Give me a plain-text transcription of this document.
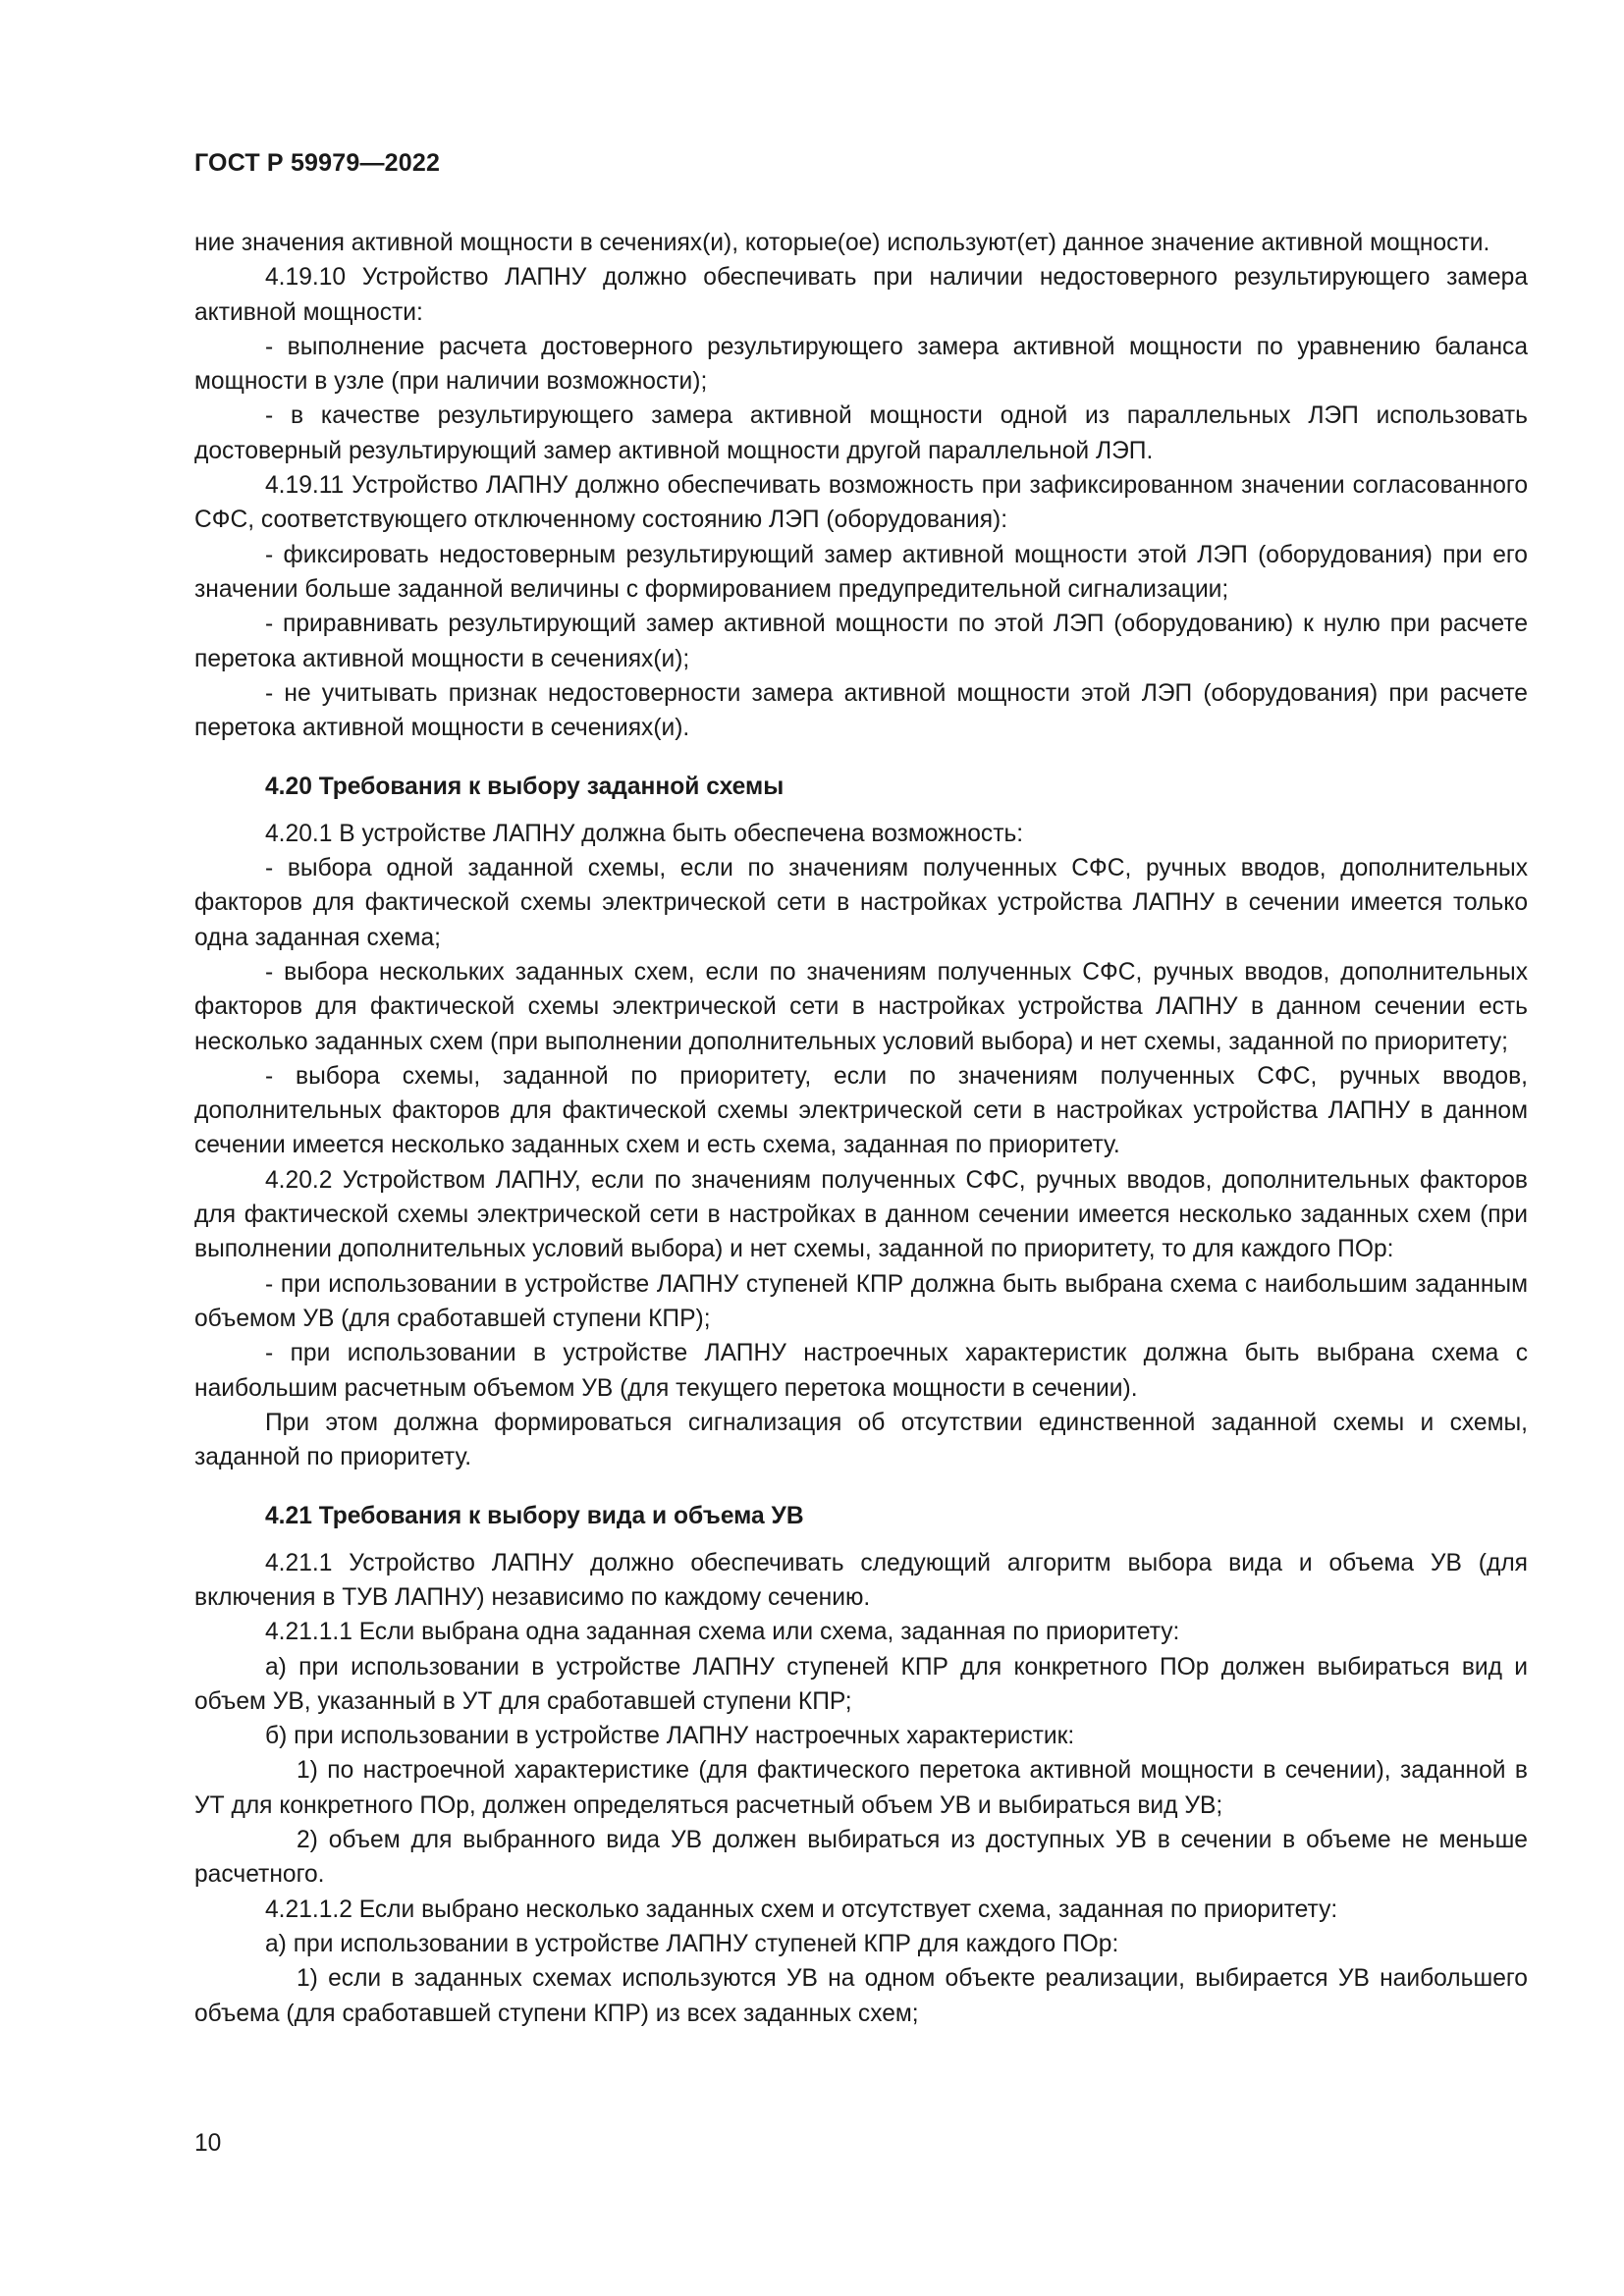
ГОСТ Р 59979—2022

ние значения активной мощности в сечениях(и), которые(ое) используют(ет) данное значение активной мощности.

4.19.10 Устройство ЛАПНУ должно обеспечивать при наличии недостоверного результирующего замера активной мощности:

- выполнение расчета достоверного результирующего замера активной мощности по уравнению баланса мощности в узле (при наличии возможности);

- в качестве результирующего замера активной мощности одной из параллельных ЛЭП использовать достоверный результирующий замер активной мощности другой параллельной ЛЭП.

4.19.11 Устройство ЛАПНУ должно обеспечивать возможность при зафиксированном значении согласованного СФС, соответствующего отключенному состоянию ЛЭП (оборудования):

- фиксировать недостоверным результирующий замер активной мощности этой ЛЭП (оборудования) при его значении больше заданной величины с формированием предупредительной сигнализации;

- приравнивать результирующий замер активной мощности по этой ЛЭП (оборудованию) к нулю при расчете перетока активной мощности в сечениях(и);

- не учитывать признак недостоверности замера активной мощности этой ЛЭП (оборудования) при расчете перетока активной мощности в сечениях(и).

4.20 Требования к выбору заданной схемы

4.20.1 В устройстве ЛАПНУ должна быть обеспечена возможность:

- выбора одной заданной схемы, если по значениям полученных СФС, ручных вводов, дополнительных факторов для фактической схемы электрической сети в настройках устройства ЛАПНУ в сечении имеется только одна заданная схема;

- выбора нескольких заданных схем, если по значениям полученных СФС, ручных вводов, дополнительных факторов для фактической схемы электрической сети в настройках устройства ЛАПНУ в данном сечении есть несколько заданных схем (при выполнении дополнительных условий выбора) и нет схемы, заданной по приоритету;

- выбора схемы, заданной по приоритету, если по значениям полученных СФС, ручных вводов, дополнительных факторов для фактической схемы электрической сети в настройках устройства ЛАПНУ в данном сечении имеется несколько заданных схем и есть схема, заданная по приоритету.

4.20.2 Устройством ЛАПНУ, если по значениям полученных СФС, ручных вводов, дополнительных факторов для фактической схемы электрической сети в настройках в данном сечении имеется несколько заданных схем (при выполнении дополнительных условий выбора) и нет схемы, заданной по приоритету, то для каждого ПОр:

- при использовании в устройстве ЛАПНУ ступеней КПР должна быть выбрана схема с наибольшим заданным объемом УВ (для сработавшей ступени КПР);

- при использовании в устройстве ЛАПНУ настроечных характеристик должна быть выбрана схема с наибольшим расчетным объемом УВ (для текущего перетока мощности в сечении).

При этом должна формироваться сигнализация об отсутствии единственной заданной схемы и схемы, заданной по приоритету.

4.21 Требования к выбору вида и объема УВ

4.21.1 Устройство ЛАПНУ должно обеспечивать следующий алгоритм выбора вида и объема УВ (для включения в ТУВ ЛАПНУ) независимо по каждому сечению.

4.21.1.1 Если выбрана одна заданная схема или схема, заданная по приоритету:

а) при использовании в устройстве ЛАПНУ ступеней КПР для конкретного ПОр должен выбираться вид и объем УВ, указанный в УТ для сработавшей ступени КПР;

б) при использовании в устройстве ЛАПНУ настроечных характеристик:

1) по настроечной характеристике (для фактического перетока активной мощности в сечении), заданной в УТ для конкретного ПОр, должен определяться расчетный объем УВ и выбираться вид УВ;

2) объем для выбранного вида УВ должен выбираться из доступных УВ в сечении в объеме не меньше расчетного.

4.21.1.2 Если выбрано несколько заданных схем и отсутствует схема, заданная по приоритету:

а) при использовании в устройстве ЛАПНУ ступеней КПР для каждого ПОр:

1) если в заданных схемах используются УВ на одном объекте реализации, выбирается УВ наибольшего объема (для сработавшей ступени КПР) из всех заданных схем;

10
